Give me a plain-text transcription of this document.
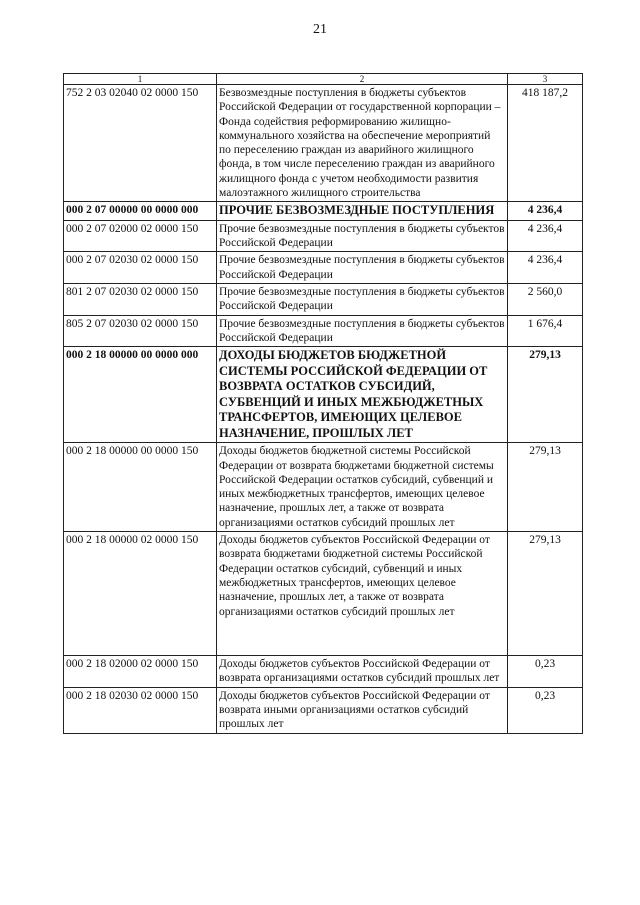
21
1	2	3
752 2 03 02040 02 0000 150	Безвозмездные поступления в бюджеты субъектов Российской Федерации от государственной корпорации – Фонда содействия реформированию жилищно-коммунального хозяйства на обеспечение мероприятий по переселению граждан из аварийного жилищного фонда, в том числе переселению граждан из аварийного жилищного фонда с учетом необходимости развития малоэтажного жилищного строительства	418 187,2
000 2 07 00000 00 0000 000	ПРОЧИЕ БЕЗВОЗМЕЗДНЫЕ ПОСТУПЛЕНИЯ	4 236,4
000 2 07 02000 02 0000 150	Прочие безвозмездные поступления в бюджеты субъектов Российской Федерации	4 236,4
000 2 07 02030 02 0000 150	Прочие безвозмездные поступления в бюджеты субъектов Российской Федерации	4 236,4
801 2 07 02030 02 0000 150	Прочие безвозмездные поступления в бюджеты субъектов Российской Федерации	2 560,0
805 2 07 02030 02 0000 150	Прочие безвозмездные поступления в бюджеты субъектов Российской Федерации	1 676,4
000 2 18 00000 00 0000 000	ДОХОДЫ БЮДЖЕТОВ БЮДЖЕТНОЙ СИСТЕМЫ РОССИЙСКОЙ ФЕДЕРАЦИИ ОТ ВОЗВРАТА ОСТАТКОВ СУБСИДИЙ, СУБВЕНЦИЙ И ИНЫХ МЕЖБЮДЖЕТНЫХ ТРАНСФЕРТОВ, ИМЕЮЩИХ ЦЕЛЕВОЕ НАЗНАЧЕНИЕ, ПРОШЛЫХ ЛЕТ	279,13
000 2 18 00000 00 0000 150	Доходы бюджетов бюджетной системы Российской Федерации от возврата бюджетами бюджетной системы Российской Федерации остатков субсидий, субвенций и иных межбюджетных трансфертов, имеющих целевое назначение, прошлых лет, а также от возврата организациями остатков субсидий прошлых лет	279,13
000 2 18 00000 02 0000 150	Доходы бюджетов субъектов Российской Федерации от возврата бюджетами бюджетной системы Российской Федерации остатков субсидий, субвенций и иных межбюджетных трансфертов, имеющих целевое назначение, прошлых лет, а также от возврата организациями остатков субсидий прошлых лет	279,13
000 2 18 02000 02 0000 150	Доходы бюджетов субъектов Российской Федерации от возврата организациями остатков субсидий прошлых лет	0,23
000 2 18 02030 02 0000 150	Доходы бюджетов субъектов Российской Федерации от возврата иными организациями остатков субсидий прошлых лет	0,23
